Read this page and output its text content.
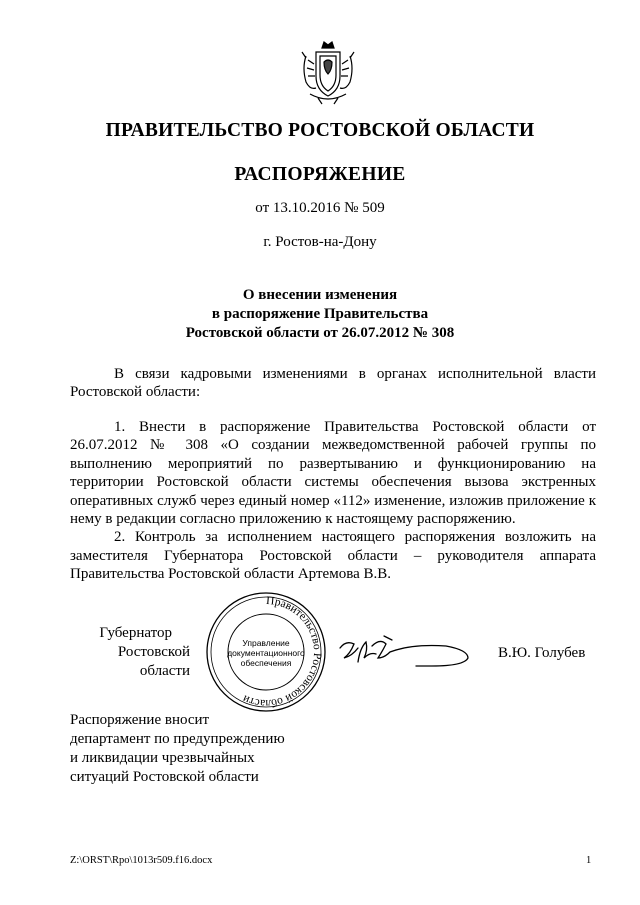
ПРАВИТЕЛЬСТВО РОСТОВСКОЙ ОБЛАСТИ
РАСПОРЯЖЕНИЕ
от 13.10.2016 № 509
г. Ростов-на-Дону
О внесении изменения
в распоряжение Правительства
Ростовской области от 26.07.2012 № 308

В связи кадровыми изменениями в органах исполнительной власти Ростовской области:

1. Внести в распоряжение Правительства Ростовской области от 26.07.2012 № 308 «О создании межведомственной рабочей группы по выполнению мероприятий по развертыванию и функционированию на территории Ростовской области системы обеспечения вызова экстренных оперативных служб через единый номер «112» изменение, изложив приложение к нему в редакции согласно приложению к настоящему распоряжению.

2. Контроль за исполнением настоящего распоряжения возложить на заместителя Губернатора Ростовской области – руководителя аппарата Правительства Ростовской области Артемова В.В.

Губернатор
Ростовской области
Правительство Ростовской области
Управление
документационного
обеспечения
В.Ю. Голубев
Распоряжение вносит
департамент по предупреждению
и ликвидации чрезвычайных
ситуаций Ростовской области
Z:\ORST\Rpo\1013r509.f16.docx	1
